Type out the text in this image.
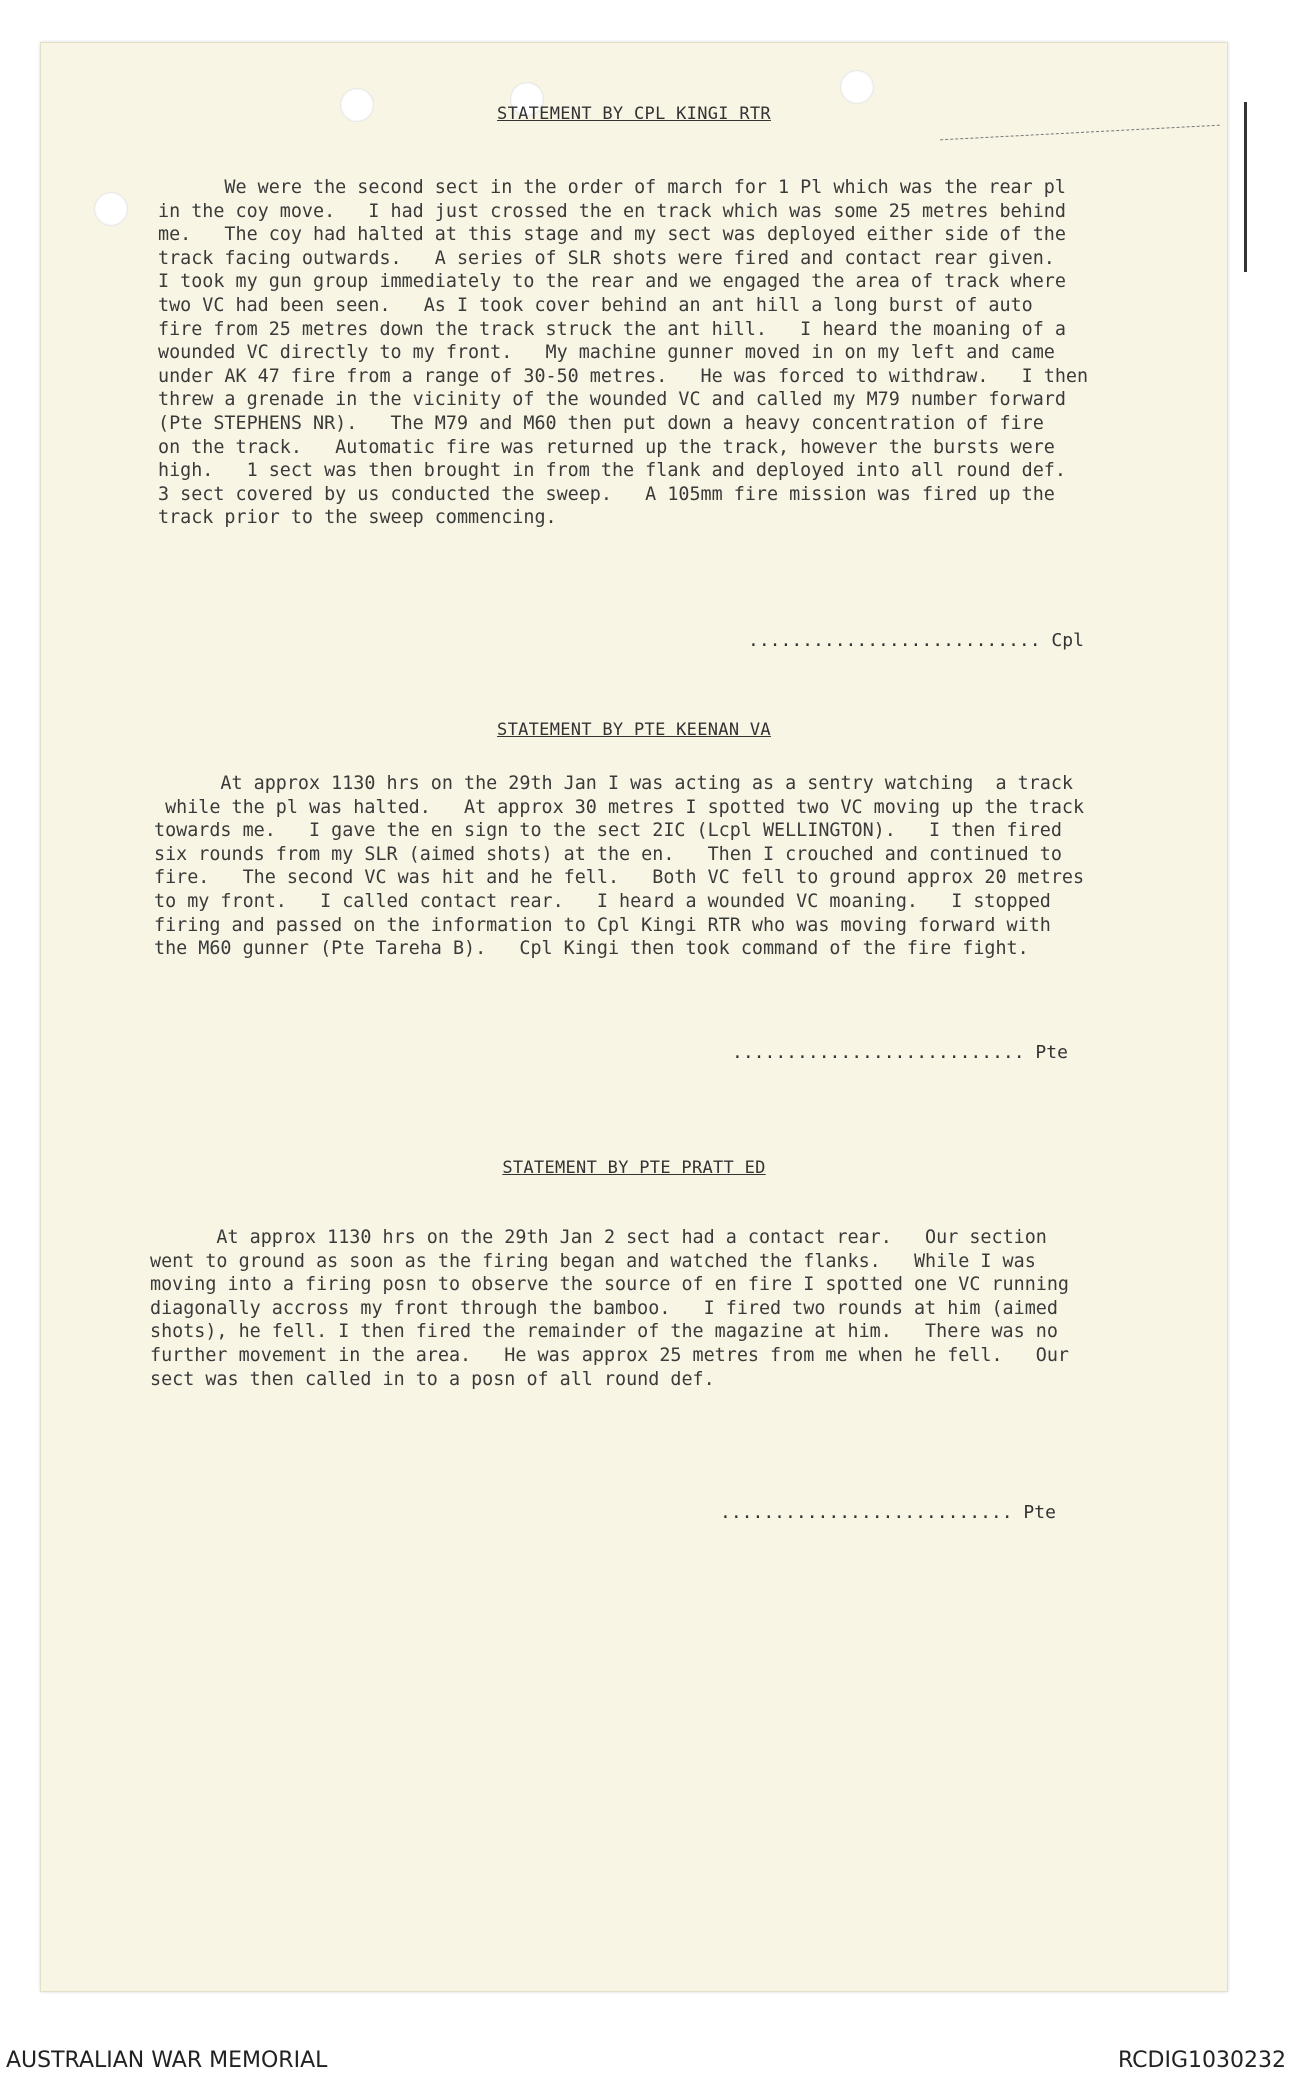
STATEMENT BY CPL KINGI RTR
We were the second sect in the order of march for 1 Pl which was the rear pl
in the coy move.   I had just crossed the en track which was some 25 metres behind
me.   The coy had halted at this stage and my sect was deployed either side of the
track facing outwards.   A series of SLR shots were fired and contact rear given.
I took my gun group immediately to the rear and we engaged the area of track where
two VC had been seen.   As I took cover behind an ant hill a long burst of auto
fire from 25 metres down the track struck the ant hill.   I heard the moaning of a
wounded VC directly to my front.   My machine gunner moved in on my left and came
under AK 47 fire from a range of 30-50 metres.   He was forced to withdraw.   I then
threw a grenade in the vicinity of the wounded VC and called my M79 number forward
(Pte STEPHENS NR).   The M79 and M60 then put down a heavy concentration of fire
on the track.   Automatic fire was returned up the track, however the bursts were
high.   1 sect was then brought in from the flank and deployed into all round def.
3 sect covered by us conducted the sweep.   A 105mm fire mission was fired up the
track prior to the sweep commencing.
........................... Cpl
STATEMENT BY PTE KEENAN VA
At approx 1130 hrs on the 29th Jan I was acting as a sentry watching  a track
while the pl was halted.   At approx 30 metres I spotted two VC moving up the track
towards me.   I gave the en sign to the sect 2IC (Lcpl WELLINGTON).   I then fired
six rounds from my SLR (aimed shots) at the en.   Then I crouched and continued to
fire.   The second VC was hit and he fell.   Both VC fell to ground approx 20 metres
to my front.   I called contact rear.   I heard a wounded VC moaning.   I stopped
firing and passed on the information to Cpl Kingi RTR who was moving forward with
the M60 gunner (Pte Tareha B).   Cpl Kingi then took command of the fire fight.
........................... Pte
STATEMENT BY PTE PRATT ED
At approx 1130 hrs on the 29th Jan 2 sect had a contact rear.   Our section
went to ground as soon as the firing began and watched the flanks.   While I was
moving into a firing posn to observe the source of en fire I spotted one VC running
diagonally accross my front through the bamboo.   I fired two rounds at him (aimed
shots), he fell. I then fired the remainder of the magazine at him.   There was no
further movement in the area.   He was approx 25 metres from me when he fell.   Our
sect was then called in to a posn of all round def.
........................... Pte
AUSTRALIAN WAR MEMORIAL	RCDIG1030232
